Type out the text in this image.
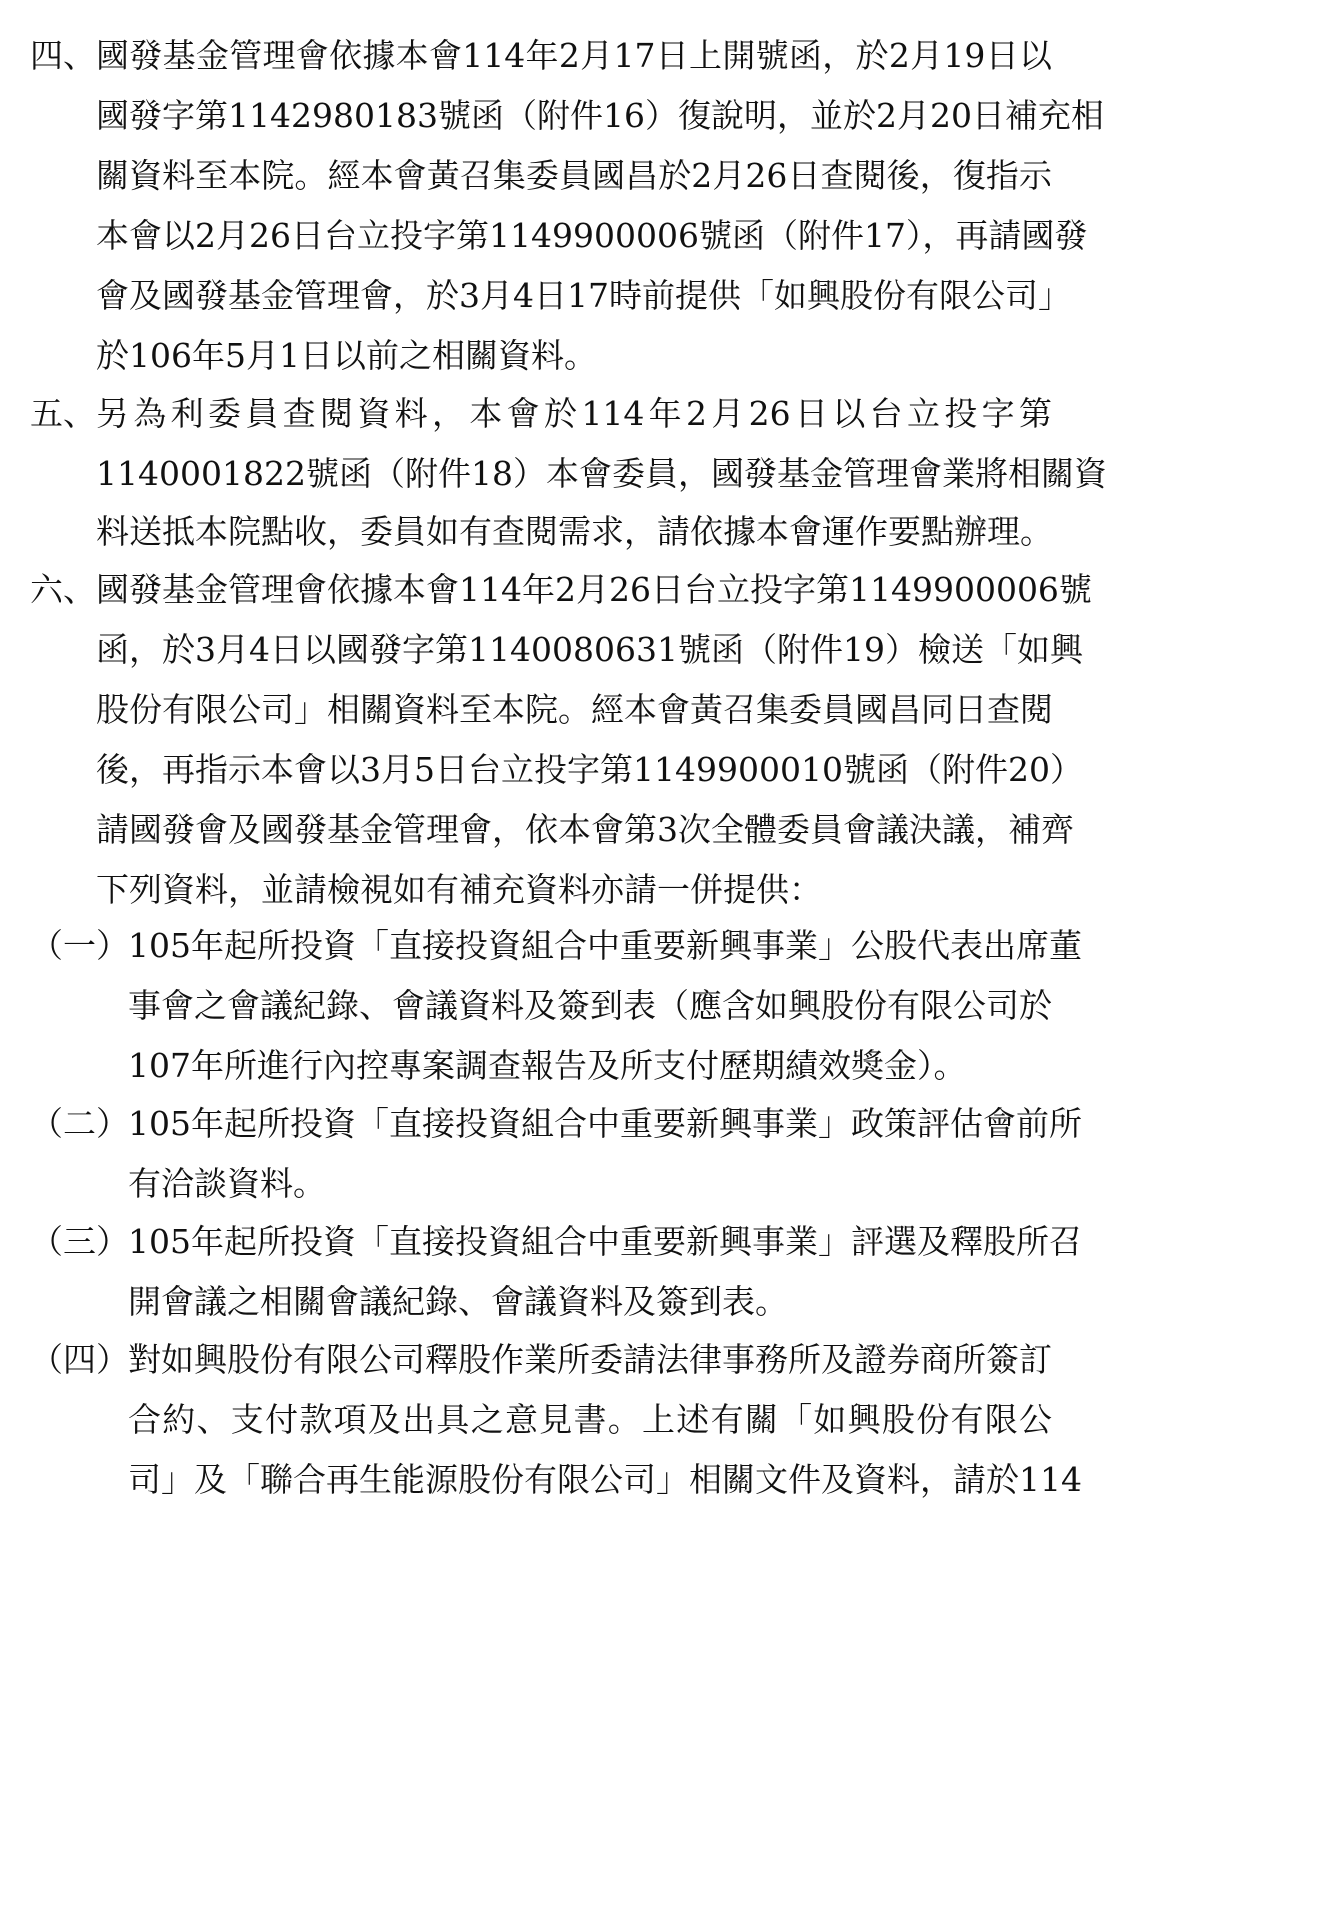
四、 國發基金管理會依據本會114年2月17日上開號函，於2月19日以
國發字第1142980183號函（附件16）復說明，並於2月20日補充相
關資料至本院。經本會黃召集委員國昌於2月26日查閱後，復指示
本會以2月26日台立投字第1149900006號函（附件17），再請國發
會及國發基金管理會，於3月4日17時前提供「如興股份有限公司」
於106年5月1日以前之相關資料。
五、 另為利委員查閱資料，本會於114年2月26日以台立投字第
1140001822號函（附件18）本會委員，國發基金管理會業將相關資
料送抵本院點收，委員如有查閱需求，請依據本會運作要點辦理。
六、 國發基金管理會依據本會114年2月26日台立投字第1149900006號
函，於3月4日以國發字第1140080631號函（附件19）檢送「如興
股份有限公司」相關資料至本院。經本會黃召集委員國昌同日查閱
後，再指示本會以3月5日台立投字第1149900010號函（附件20）
請國發會及國發基金管理會，依本會第3次全體委員會議決議，補齊
下列資料，並請檢視如有補充資料亦請一併提供：
（一） 105年起所投資「直接投資組合中重要新興事業」公股代表出席董
事會之會議紀錄、會議資料及簽到表（應含如興股份有限公司於
107年所進行內控專案調查報告及所支付歷期績效獎金）。
（二） 105年起所投資「直接投資組合中重要新興事業」政策評估會前所
有洽談資料。
（三） 105年起所投資「直接投資組合中重要新興事業」評選及釋股所召
開會議之相關會議紀錄、會議資料及簽到表。
（四） 對如興股份有限公司釋股作業所委請法律事務所及證券商所簽訂
合約、支付款項及出具之意見書。上述有關「如興股份有限公
司」及「聯合再生能源股份有限公司」相關文件及資料，請於114
